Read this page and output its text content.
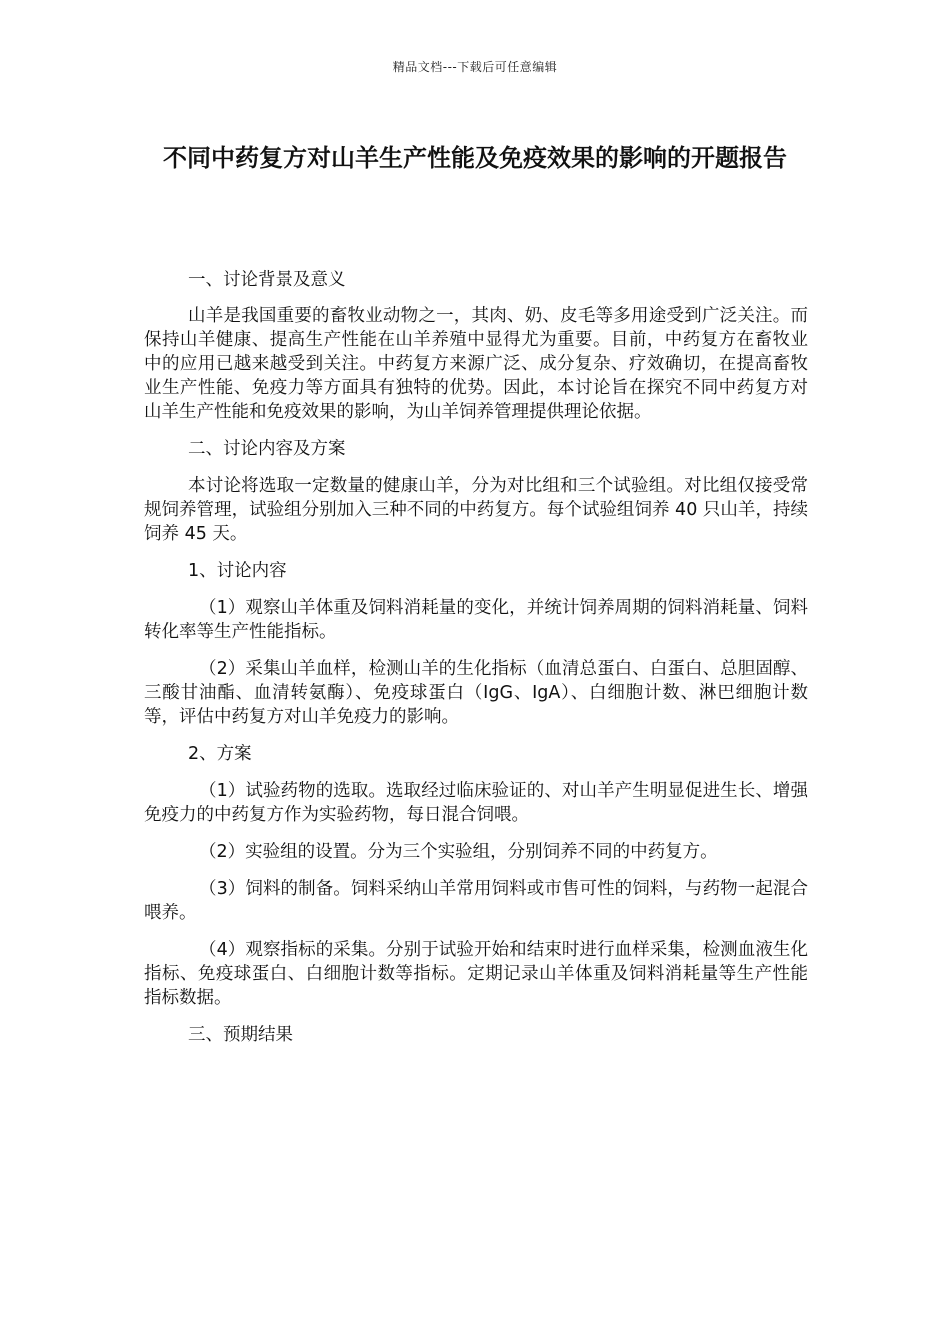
精品文档---下载后可任意编辑
不同中药复方对山羊生产性能及免疫效果的影响的开题报告

一、讨论背景及意义

山羊是我国重要的畜牧业动物之一，其肉、奶、皮毛等多用途受到广泛关注。而保持山羊健康、提高生产性能在山羊养殖中显得尤为重要。目前，中药复方在畜牧业中的应用已越来越受到关注。中药复方来源广泛、成分复杂、疗效确切，在提高畜牧业生产性能、免疫力等方面具有独特的优势。因此，本讨论旨在探究不同中药复方对山羊生产性能和免疫效果的影响，为山羊饲养管理提供理论依据。

二、讨论内容及方案

本讨论将选取一定数量的健康山羊，分为对比组和三个试验组。对比组仅接受常规饲养管理，试验组分别加入三种不同的中药复方。每个试验组饲养 40 只山羊，持续饲养 45 天。

1、讨论内容

（1）观察山羊体重及饲料消耗量的变化，并统计饲养周期的饲料消耗量、饲料转化率等生产性能指标。

（2）采集山羊血样，检测山羊的生化指标（血清总蛋白、白蛋白、总胆固醇、三酸甘油酯、血清转氨酶）、免疫球蛋白（IgG、IgA）、白细胞计数、淋巴细胞计数等，评估中药复方对山羊免疫力的影响。

2、方案

（1）试验药物的选取。选取经过临床验证的、对山羊产生明显促进生长、增强免疫力的中药复方作为实验药物，每日混合饲喂。

（2）实验组的设置。分为三个实验组，分别饲养不同的中药复方。

（3）饲料的制备。饲料采纳山羊常用饲料或市售可性的饲料，与药物一起混合喂养。

（4）观察指标的采集。分别于试验开始和结束时进行血样采集，检测血液生化指标、免疫球蛋白、白细胞计数等指标。定期记录山羊体重及饲料消耗量等生产性能指标数据。

三、预期结果
